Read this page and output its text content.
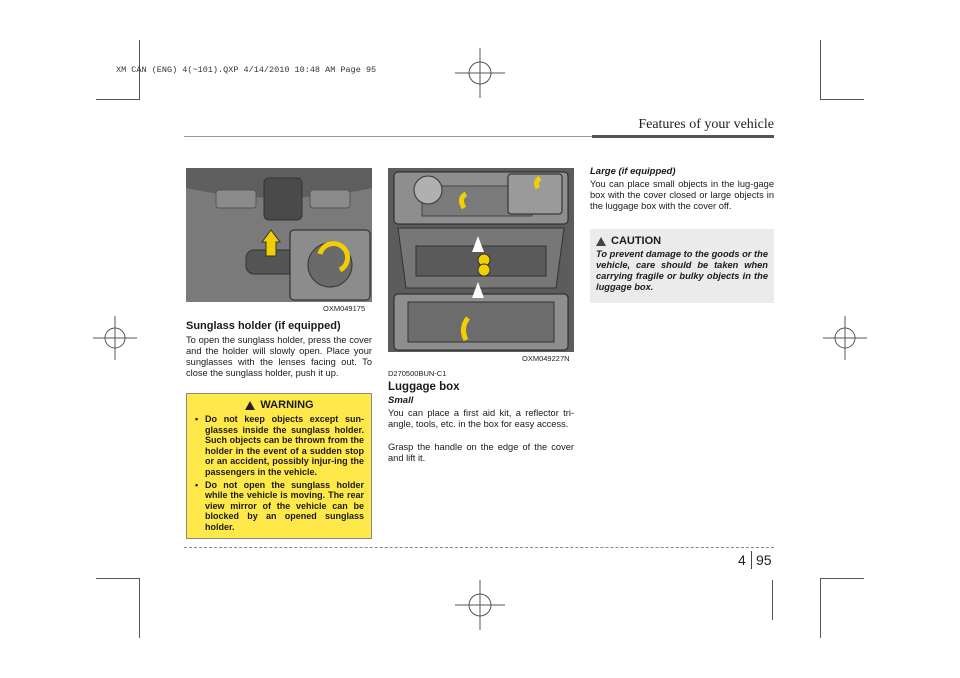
XM CAN (ENG) 4(~101).QXP 4/14/2010 10:48 AM Page 95
Features of your vehicle
OXM049175
Sunglass holder (if equipped)
To open the sunglass holder, press the cover and the holder will slowly open. Place your sunglasses with the lenses facing out. To close the sunglass holder, push it up.
WARNING
• Do not keep objects except sun-glasses inside the sunglass holder. Such objects can be thrown from the holder in the event of a sudden stop or an accident, possibly injur-ing the passengers in the vehicle.
• Do not open the sunglass holder while the vehicle is moving. The rear view mirror of the vehicle can be blocked by an opened sunglass holder.
OXM049227N
D270500BUN-C1
Luggage box
Small
You can place a first aid kit, a reflector tri-angle, tools, etc. in the box for easy access.
Grasp the handle on the edge of the cover and lift it.
Large (if equipped)
You can place small objects in the lug-gage box with the cover closed or large objects in the luggage box with the cover off.
CAUTION
To prevent damage to the goods or the vehicle, care should be taken when carrying fragile or bulky objects in the luggage box.
4 95
